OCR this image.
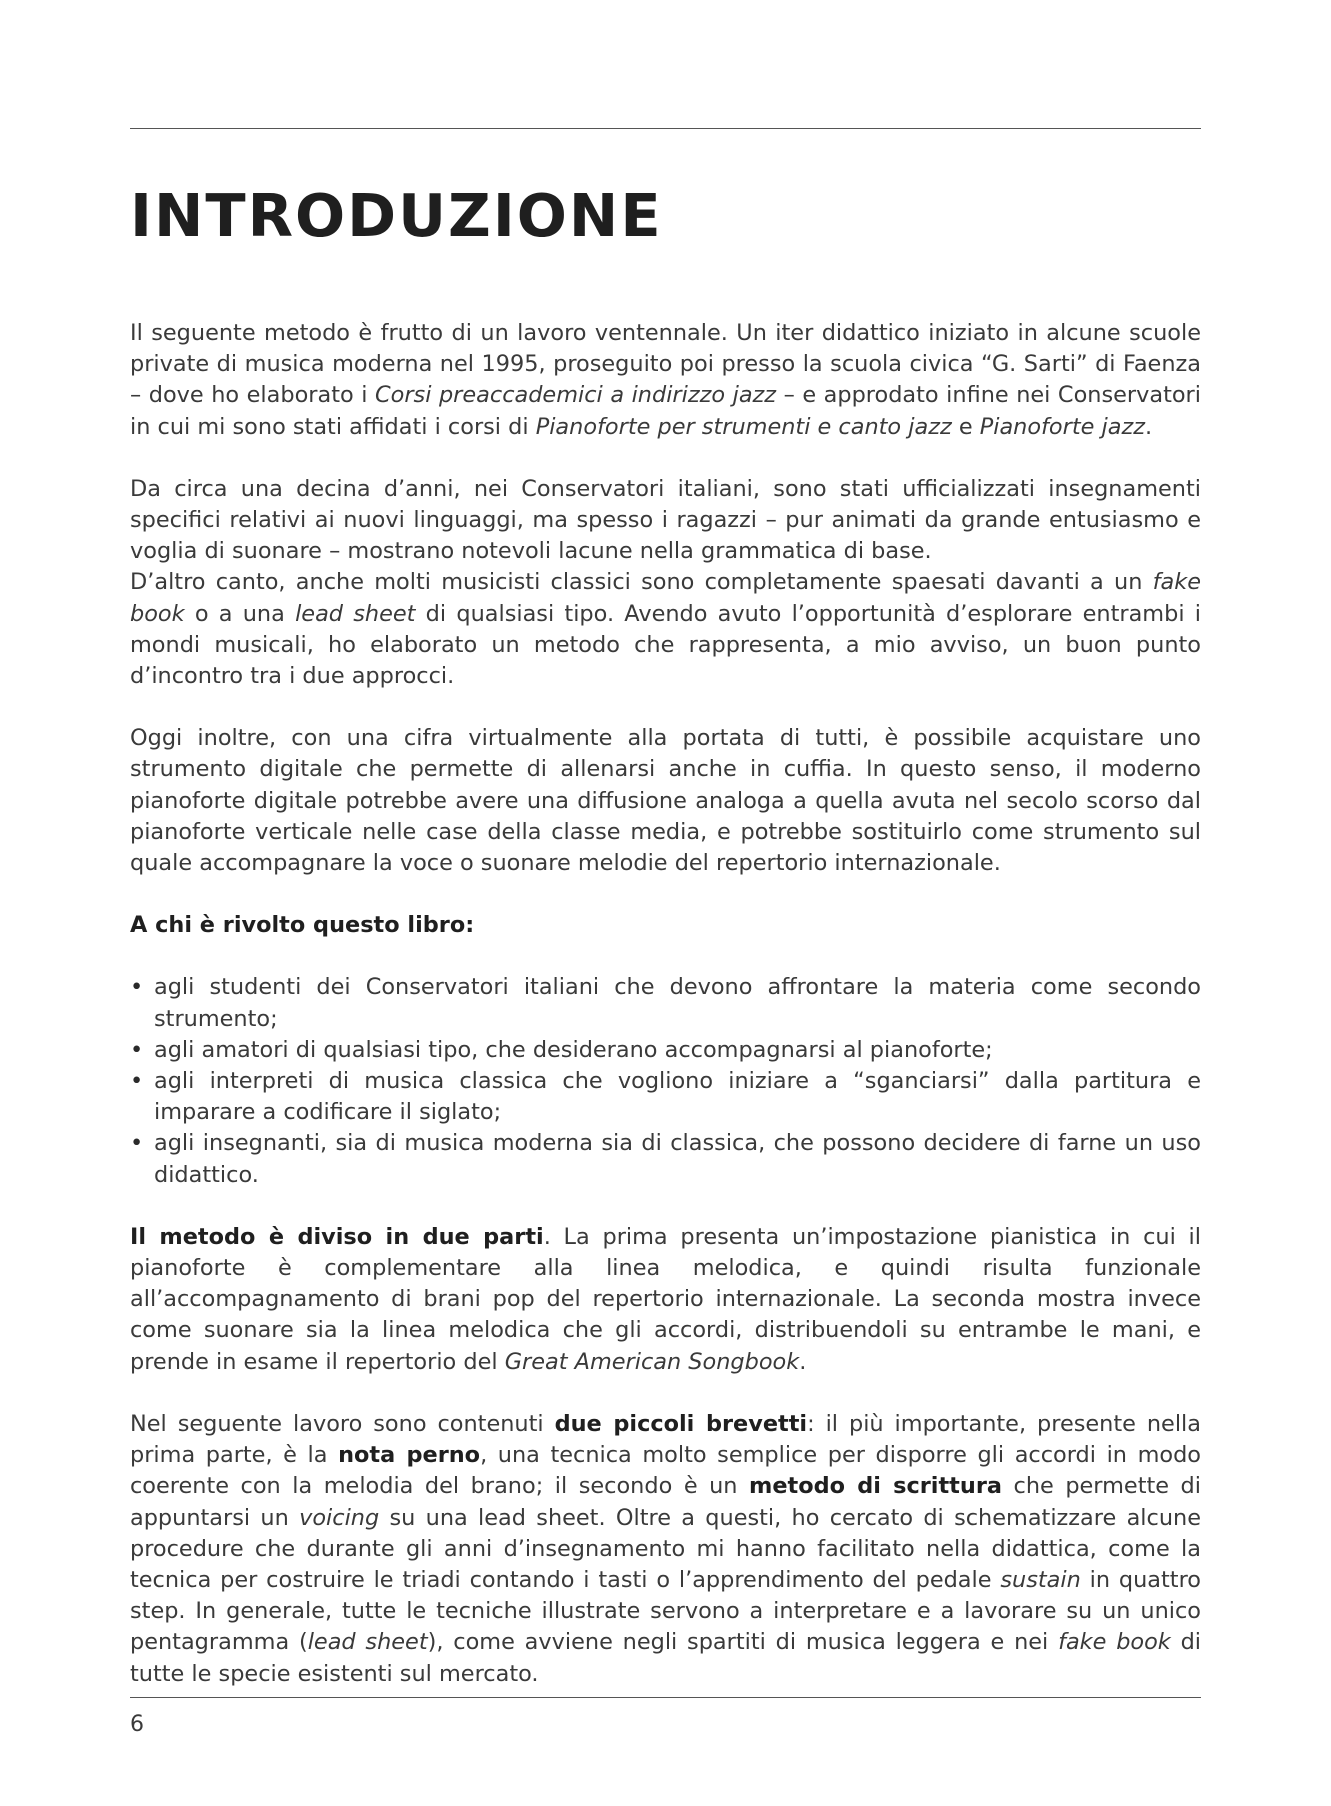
INTRODUZIONE

Il seguente metodo è frutto di un lavoro ventennale. Un iter didattico iniziato in alcune scuole private di musica moderna nel 1995, proseguito poi presso la scuola civica “G. Sarti” di Faenza – dove ho elaborato i Corsi preaccademici a indirizzo jazz – e approdato infine nei Conservatori in cui mi sono stati affidati i corsi di Pianoforte per strumenti e canto jazz e Pianoforte jazz.

Da circa una decina d’anni, nei Conservatori italiani, sono stati ufficializzati insegnamenti specifici relativi ai nuovi linguaggi, ma spesso i ragazzi – pur animati da grande entusiasmo e voglia di suonare – mostrano notevoli lacune nella grammatica di base.

D’altro canto, anche molti musicisti classici sono completamente spaesati davanti a un fake book o a una lead sheet di qualsiasi tipo. Avendo avuto l’opportunità d’esplorare entrambi i mondi musicali, ho elaborato un metodo che rappresenta, a mio avviso, un buon punto d’incontro tra i due approcci.

Oggi inoltre, con una cifra virtualmente alla portata di tutti, è possibile acquistare uno strumento digitale che permette di allenarsi anche in cuffia. In questo senso, il moderno pianoforte digitale potrebbe avere una diffusione analoga a quella avuta nel secolo scorso dal pianoforte verticale nelle case della classe media, e potrebbe sostituirlo come strumento sul quale accompagnare la voce o suonare melodie del repertorio internazionale.

A chi è rivolto questo libro:
• agli studenti dei Conservatori italiani che devono affrontare la materia come secondo strumento;
• agli amatori di qualsiasi tipo, che desiderano accompagnarsi al pianoforte;
• agli interpreti di musica classica che vogliono iniziare a “sganciarsi” dalla partitura e imparare a codificare il siglato;
• agli insegnanti, sia di musica moderna sia di classica, che possono decidere di farne un uso didattico.

Il metodo è diviso in due parti. La prima presenta un’impostazione pianistica in cui il pianoforte è complementare alla linea melodica, e quindi risulta funzionale all’accompagnamento di brani pop del repertorio internazionale. La seconda mostra invece come suonare sia la linea melodica che gli accordi, distribuendoli su entrambe le mani, e prende in esame il repertorio del Great American Songbook.

Nel seguente lavoro sono contenuti due piccoli brevetti: il più importante, presente nella prima parte, è la nota perno, una tecnica molto semplice per disporre gli accordi in modo coerente con la melodia del brano; il secondo è un metodo di scrittura che permette di appuntarsi un voicing su una lead sheet. Oltre a questi, ho cercato di schematizzare alcune procedure che durante gli anni d’insegnamento mi hanno facilitato nella didattica, come la tecnica per costruire le triadi contando i tasti o l’apprendimento del pedale sustain in quattro step. In generale, tutte le tecniche illustrate servono a interpretare e a lavorare su un unico pentagramma (lead sheet), come avviene negli spartiti di musica leggera e nei fake book di tutte le specie esistenti sul mercato.

6
